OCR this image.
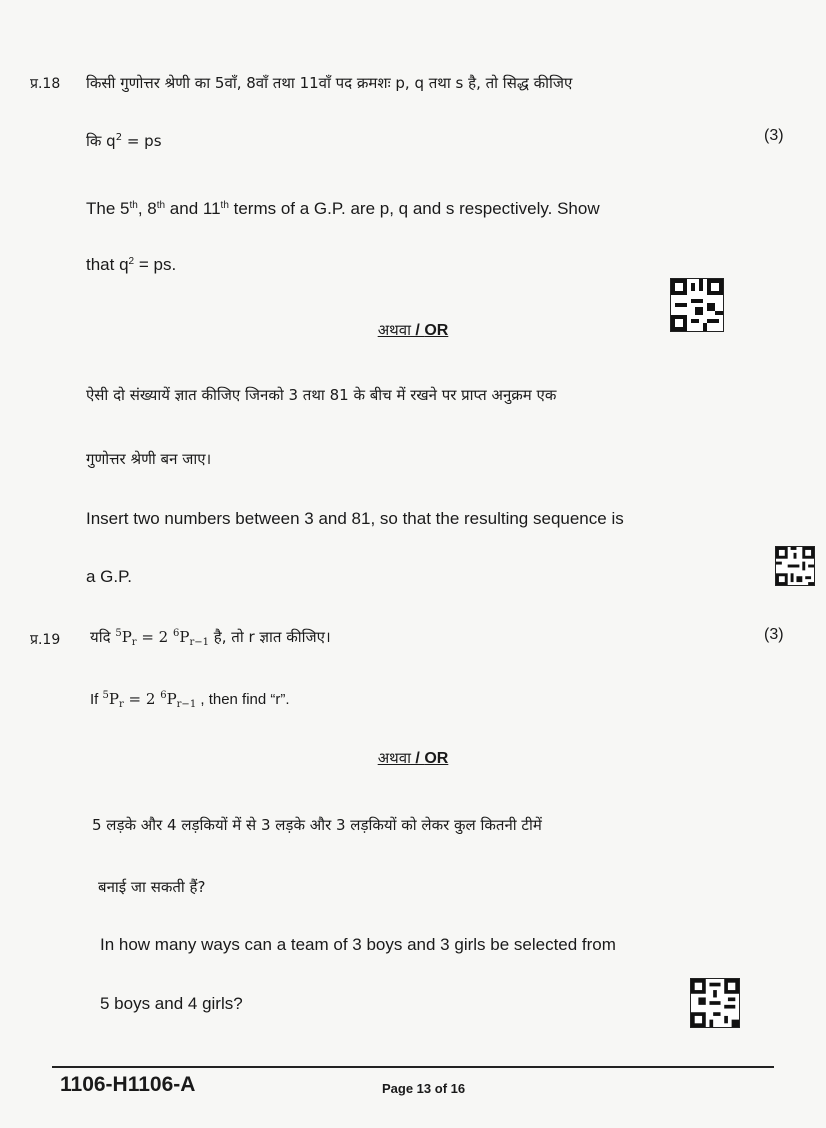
प्र.18 किसी गुणोत्तर श्रेणी का 5वाँ, 8वाँ तथा 11वाँ पद क्रमशः p, q तथा s है, तो सिद्ध कीजिए
कि $q^2$ = ps	(3)
The 5th, 8th and 11th terms of a G.P. are p, q and s respectively. Show
that $q^2$ = ps.
अथवा / OR
ऐसी दो संख्यायें ज्ञात कीजिए जिनको 3 तथा 81 के बीच में रखने पर प्राप्त अनुक्रम एक
गुणोत्तर श्रेणी बन जाए।
Insert two numbers between 3 and 81, so that the resulting sequence is
a G.P.
प्र.19 यदि $^5P_r = 2$ $^6P_{r-1}$ है, तो r ज्ञात कीजिए।	(3)
If $^5P_r = 2$ $^6P_{r-1}$ , then find “r”.
अथवा / OR
5 लड़के और 4 लड़कियों में से 3 लड़के और 3 लड़कियों को लेकर कुल कितनी टीमें
बनाई जा सकती हैं?
In how many ways can a team of 3 boys and 3 girls be selected from
5 boys and 4 girls?
1106-H1106-A	Page 13 of 16
